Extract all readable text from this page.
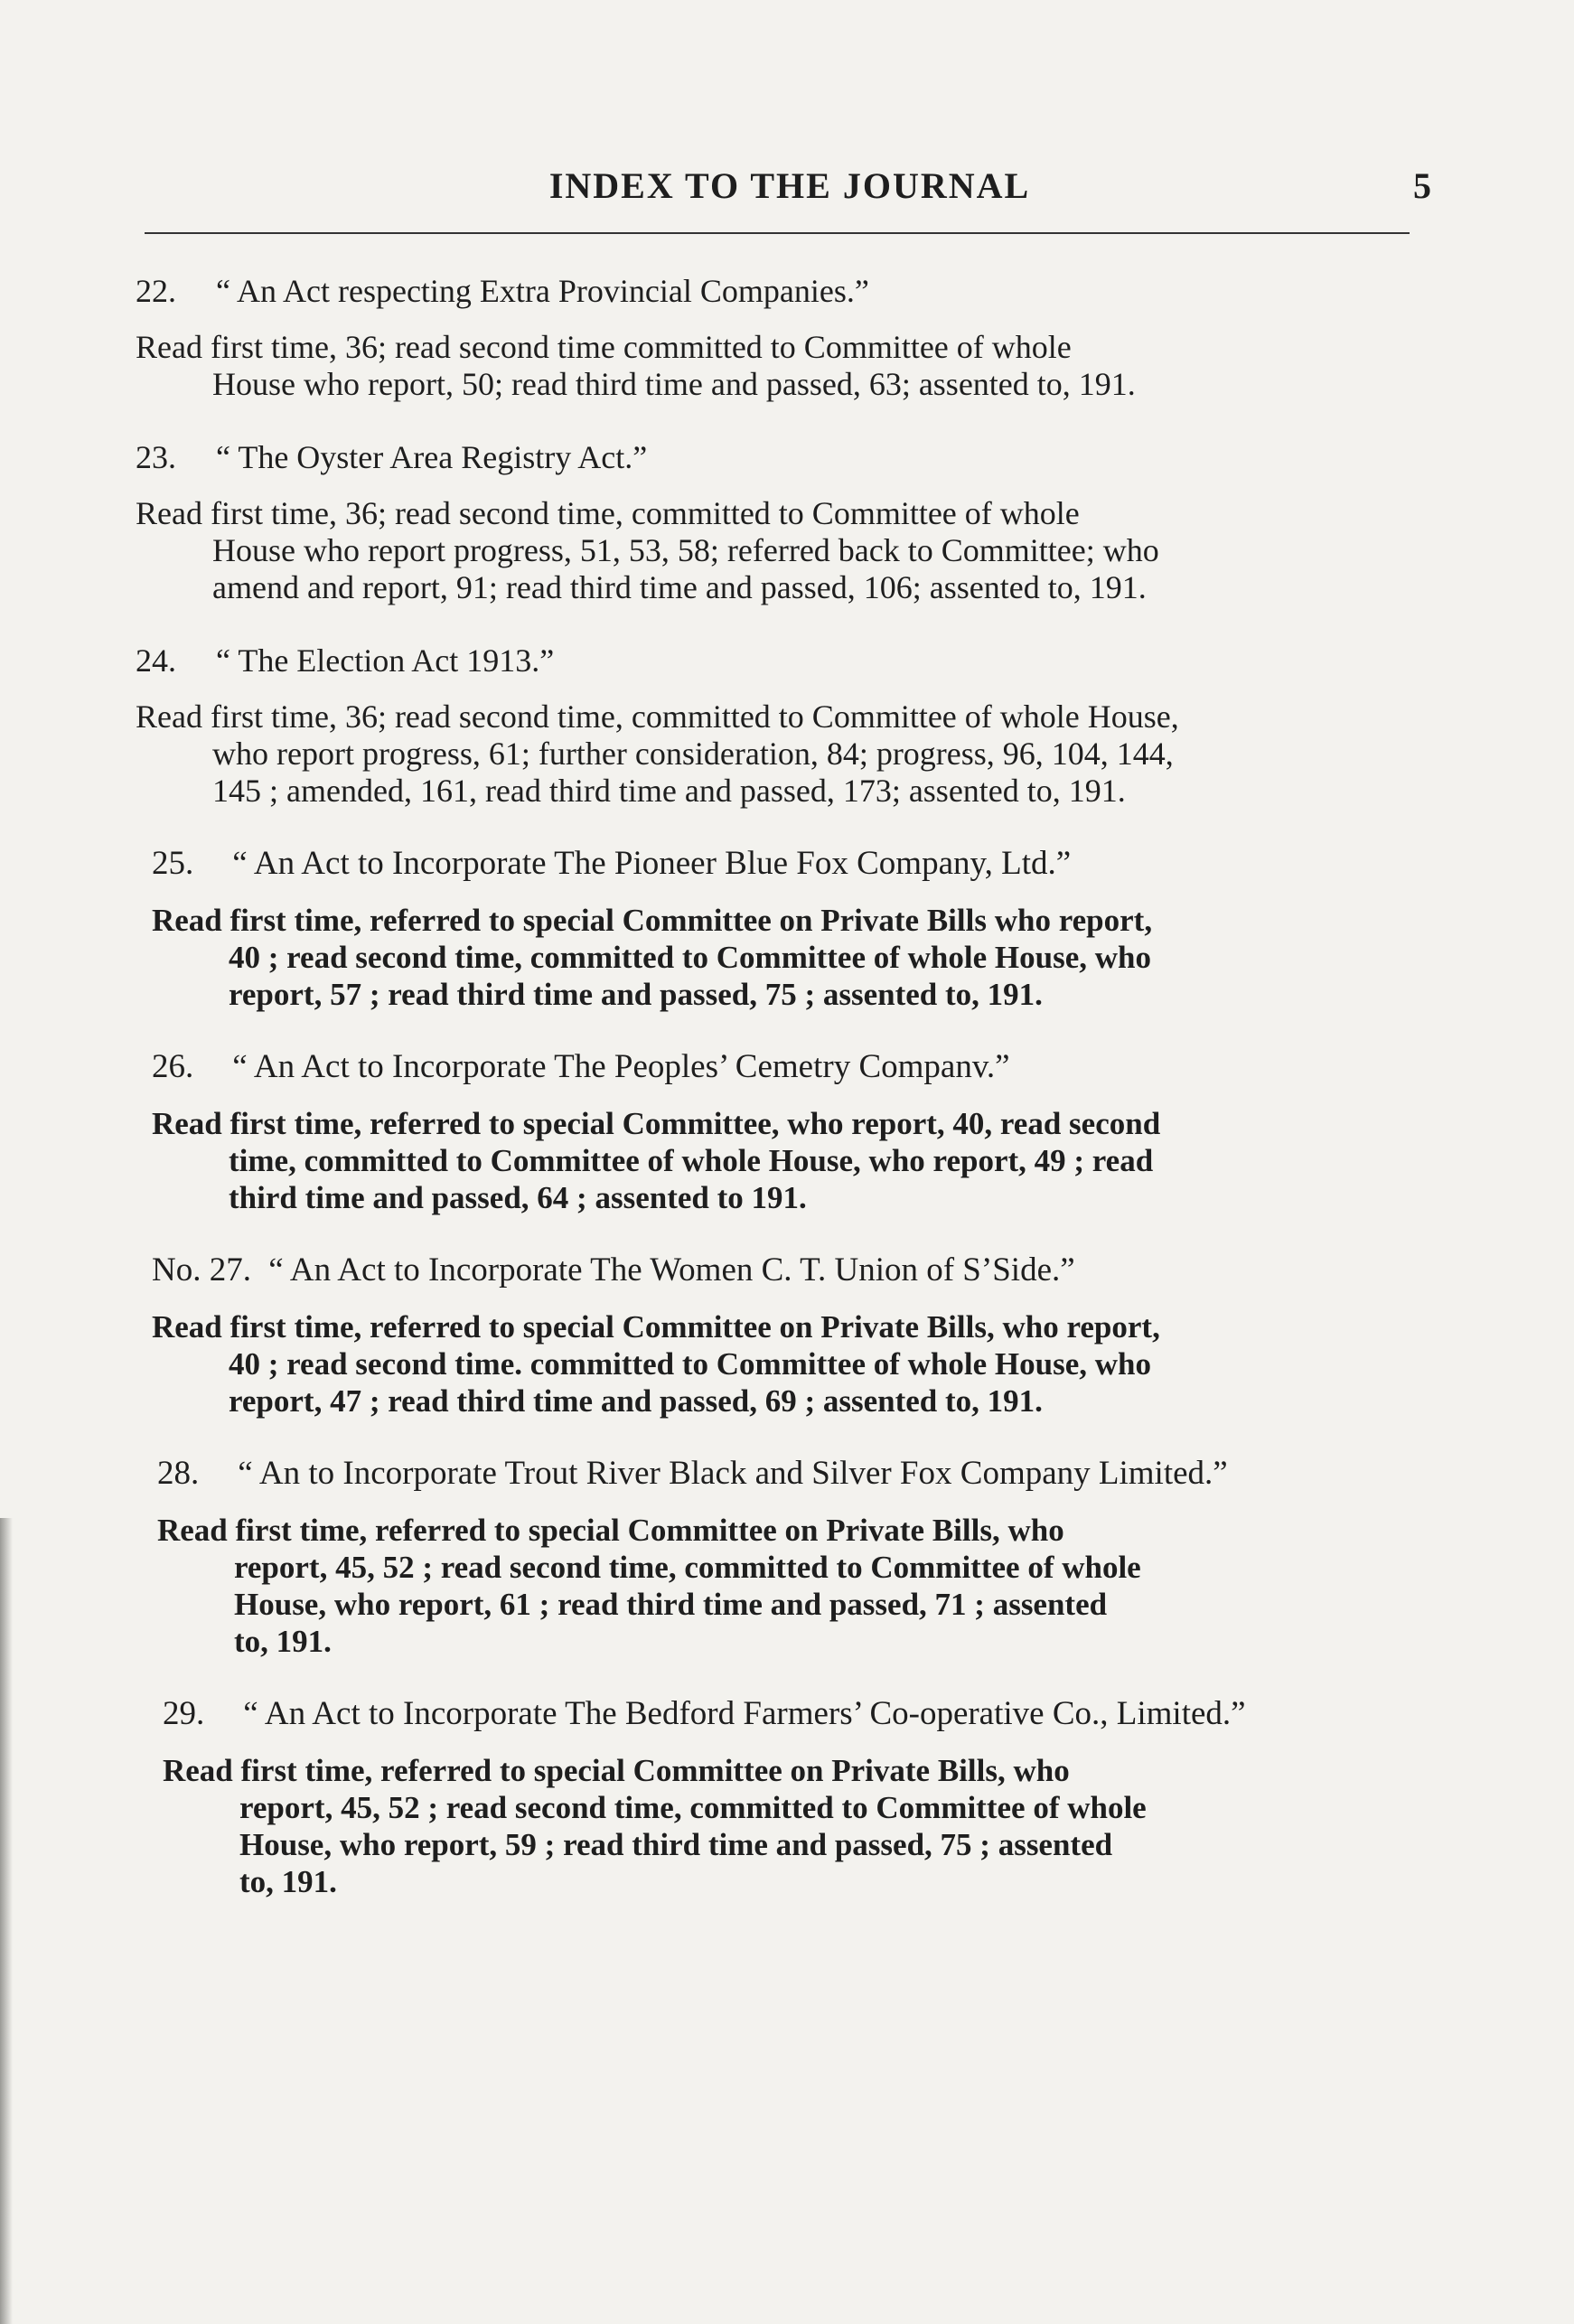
INDEX TO THE JOURNAL	5

22. “ An Act respecting Extra Provincial Companies.”

Read first time, 36; read second time committed to Committee of whole
House who report, 50; read third time and passed, 63; assented to, 191.

23. “ The Oyster Area Registry Act.”

Read first time, 36; read second time, committed to Committee of whole
House who report progress, 51, 53, 58; referred back to Committee; who
amend and report, 91; read third time and passed, 106; assented to, 191.

24. “ The Election Act 1913.”

Read first time, 36; read second time, committed to Committee of whole House,
who report progress, 61; further consideration, 84; progress, 96, 104, 144,
145 ; amended, 161, read third time and passed, 173; assented to, 191.

25. “ An Act to Incorporate The Pioneer Blue Fox Company, Ltd.”

Read first time, referred to special Committee on Private Bills who report,
40 ; read second time, committed to Committee of whole House, who
report, 57 ; read third time and passed, 75 ; assented to, 191.

26. “ An Act to Incorporate The Peoples’ Cemetry Companv.”

Read first time, referred to special Committee, who report, 40, read second
time, committed to Committee of whole House, who report, 49 ; read
third time and passed, 64 ; assented to 191.

No. 27. “ An Act to Incorporate The Women C. T. Union of S’Side.”

Read first time, referred to special Committee on Private Bills, who report,
40 ; read second time. committed to Committee of whole House, who
report, 47 ; read third time and passed, 69 ; assented to, 191.

28. “ An to Incorporate Trout River Black and Silver Fox Company Limited.”

Read first time, referred to special Committee on Private Bills, who
report, 45, 52 ; read second time, committed to Committee of whole
House, who report, 61 ; read third time and passed, 71 ; assented
to, 191.

29. “ An Act to Incorporate The Bedford Farmers’ Co-operative Co., Limited.”

Read first time, referred to special Committee on Private Bills, who
report, 45, 52 ; read second time, committed to Committee of whole
House, who report, 59 ; read third time and passed, 75 ; assented
to, 191.
